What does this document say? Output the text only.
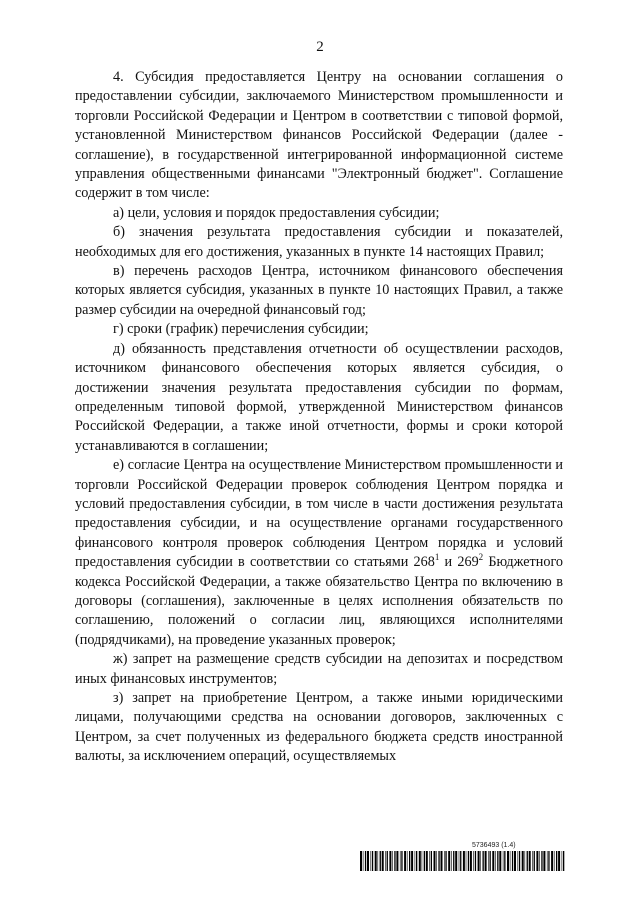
2

4. Субсидия предоставляется Центру на основании соглашения о предоставлении субсидии, заключаемого Министерством промышленности и торговли Российской Федерации и Центром в соответствии с типовой формой, установленной Министерством финансов Российской Федерации (далее - соглашение), в государственной интегрированной информационной системе управления общественными финансами "Электронный бюджет". Соглашение содержит в том числе:

а) цели, условия и порядок предоставления субсидии;

б) значения результата предоставления субсидии и показателей, необходимых для его достижения, указанных в пункте 14 настоящих Правил;

в) перечень расходов Центра, источником финансового обеспечения которых является субсидия, указанных в пункте 10 настоящих Правил, а также размер субсидии на очередной финансовый год;

г) сроки (график) перечисления субсидии;

д) обязанность представления отчетности об осуществлении расходов, источником финансового обеспечения которых является субсидия, о достижении значения результата предоставления субсидии по формам, определенным типовой формой, утвержденной Министерством финансов Российской Федерации, а также иной отчетности, формы и сроки которой устанавливаются в соглашении;

е) согласие Центра на осуществление Министерством промышленности и торговли Российской Федерации проверок соблюдения Центром порядка и условий предоставления субсидии, в том числе в части достижения результата предоставления субсидии, и на осуществление органами государственного финансового контроля проверок соблюдения Центром порядка и условий предоставления субсидии в соответствии со статьями $268^1$ и $269^2$ Бюджетного кодекса Российской Федерации, а также обязательство Центра по включению в договоры (соглашения), заключенные в целях исполнения обязательств по соглашению, положений о согласии лиц, являющихся исполнителями (подрядчиками), на проведение указанных проверок;

ж) запрет на размещение средств субсидии на депозитах и посредством иных финансовых инструментов;

з) запрет на приобретение Центром, а также иными юридическими лицами, получающими средства на основании договоров, заключенных с Центром, за счет полученных из федерального бюджета средств иностранной валюты, за исключением операций, осуществляемых

5736493 (1.4)
